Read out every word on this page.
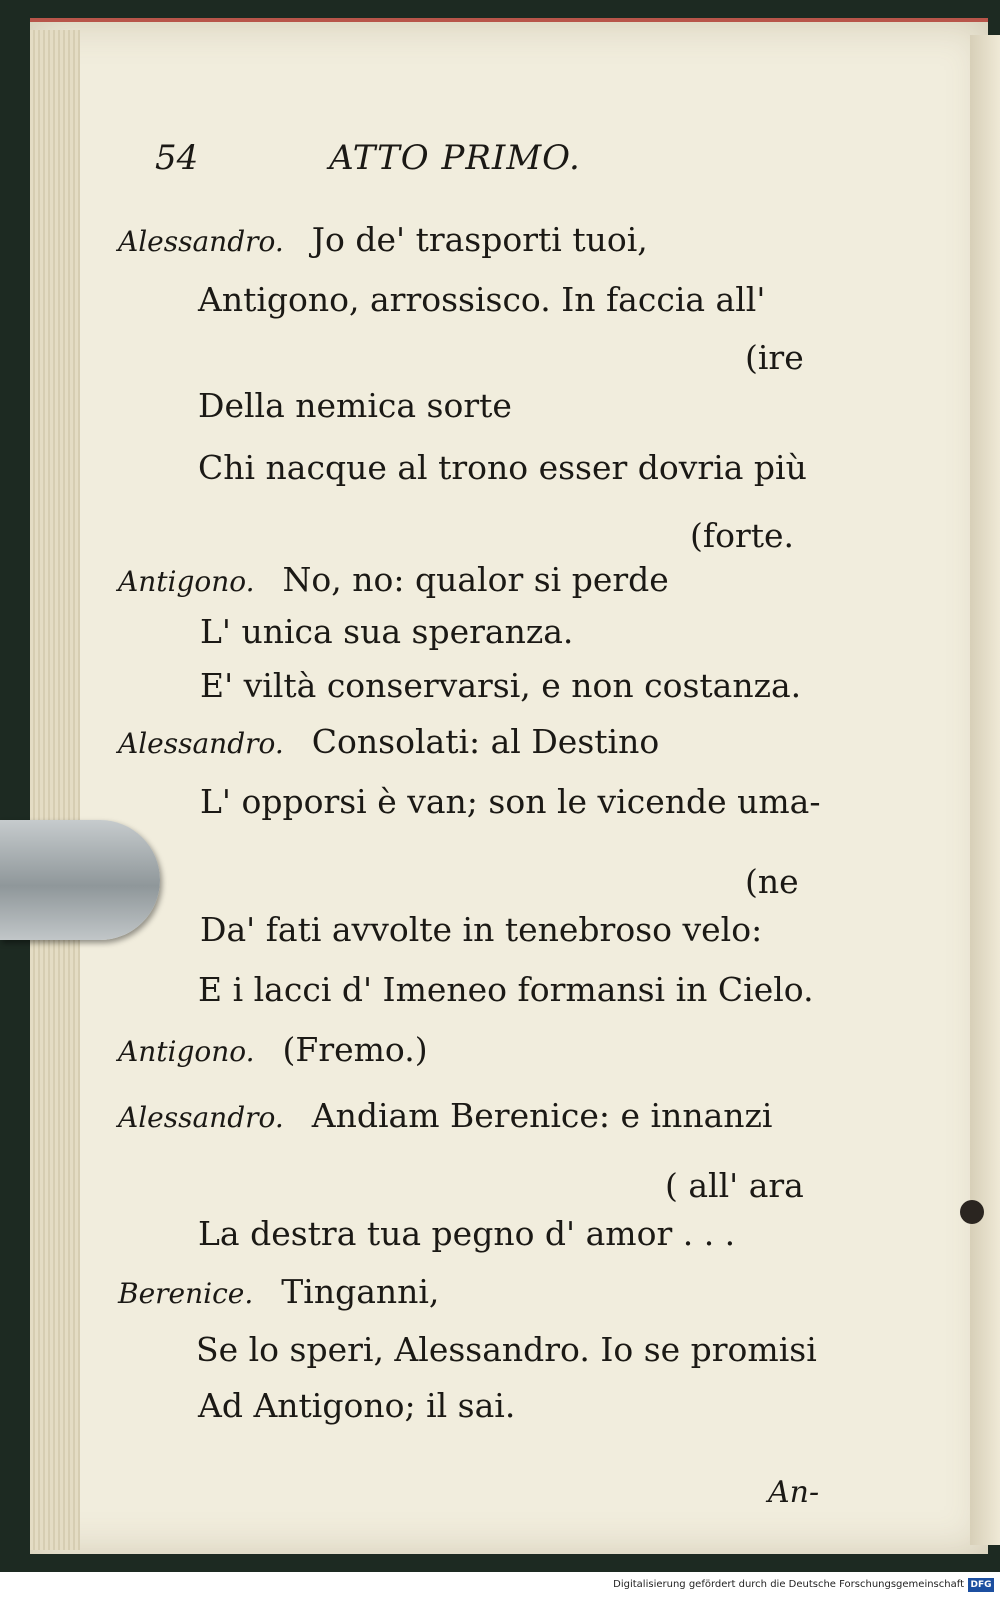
54	ATTO PRIMO.
Alessandro. Jo de' trasporti tuoi,
Antigono, arrossisco. In faccia all'
(ire
Della nemica sorte
Chi nacque al trono esser dovria più
(forte.
Antigono. No, no: qualor si perde
L' unica sua speranza.
E' viltà conservarsi, e non costanza.
Alessandro. Consolati: al Destino
L' opporsi è van; son le vicende uma-
(ne
Da' fati avvolte in tenebroso velo:
E i lacci d' Imeneo formansi in Cielo.
Antigono. (Fremo.)
Alessandro. Andiam Berenice: e innanzi
( all' ara
La destra tua pegno d' amor . . .
Berenice. Tinganni,
Se lo speri, Alessandro. Io se promisi
Ad Antigono; il sai.
An-
Digitalisierung gefördert durch die Deutsche Forschungsgemeinschaft DFG
